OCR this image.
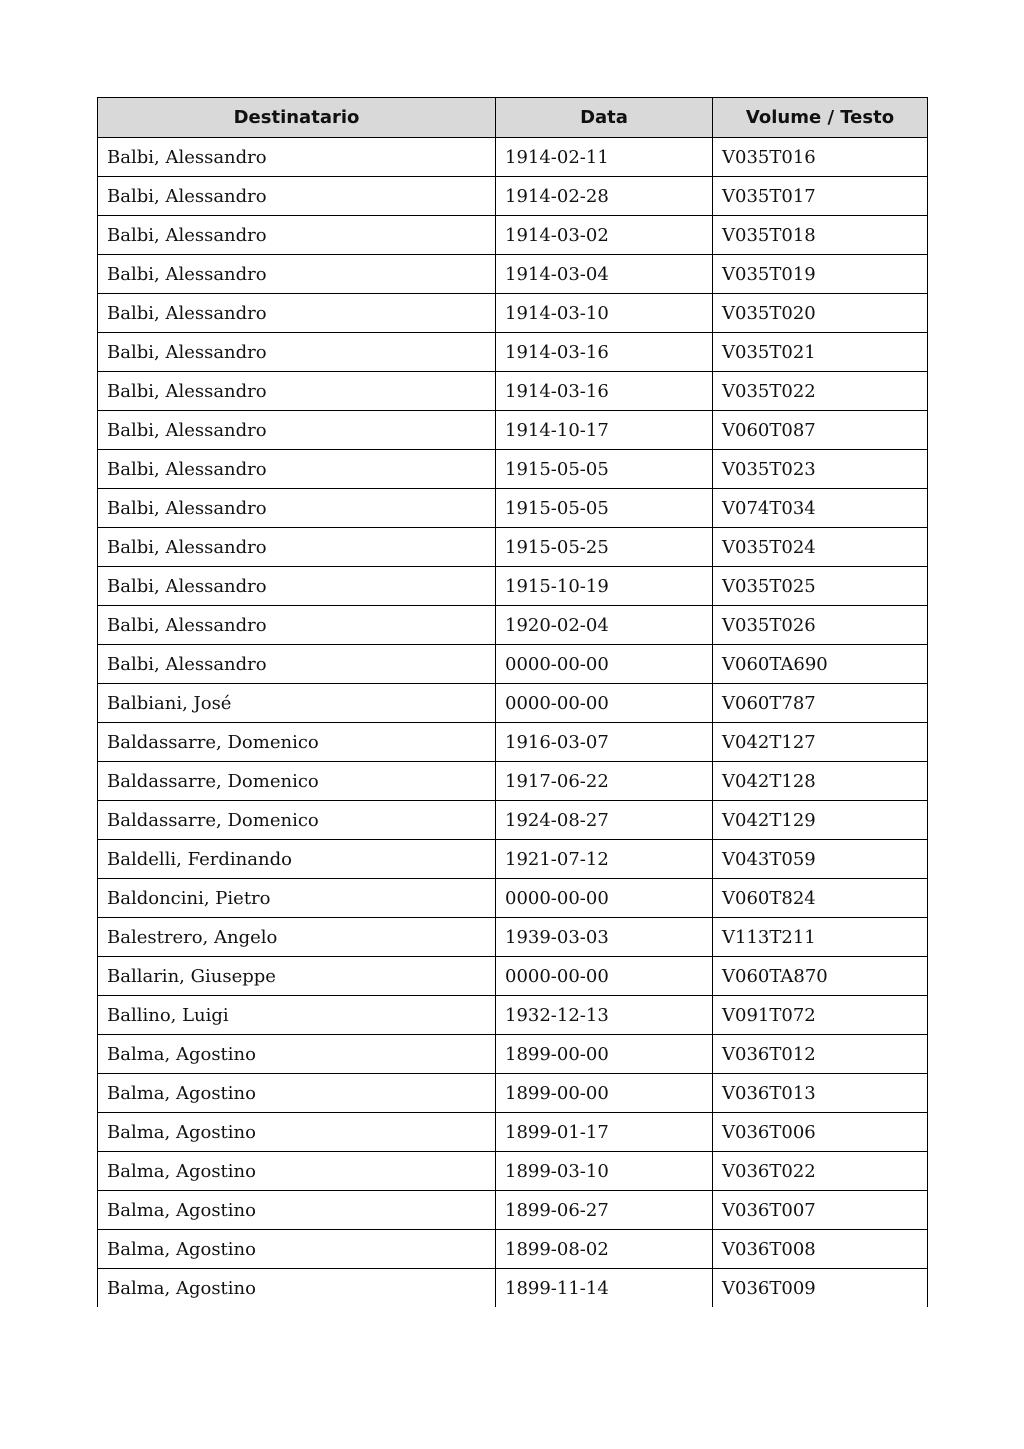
Destinatario	Data	Volume / Testo
Balbi, Alessandro	1914-02-11	V035T016
Balbi, Alessandro	1914-02-28	V035T017
Balbi, Alessandro	1914-03-02	V035T018
Balbi, Alessandro	1914-03-04	V035T019
Balbi, Alessandro	1914-03-10	V035T020
Balbi, Alessandro	1914-03-16	V035T021
Balbi, Alessandro	1914-03-16	V035T022
Balbi, Alessandro	1914-10-17	V060T087
Balbi, Alessandro	1915-05-05	V035T023
Balbi, Alessandro	1915-05-05	V074T034
Balbi, Alessandro	1915-05-25	V035T024
Balbi, Alessandro	1915-10-19	V035T025
Balbi, Alessandro	1920-02-04	V035T026
Balbi, Alessandro	0000-00-00	V060TA690
Balbiani, José	0000-00-00	V060T787
Baldassarre, Domenico	1916-03-07	V042T127
Baldassarre, Domenico	1917-06-22	V042T128
Baldassarre, Domenico	1924-08-27	V042T129
Baldelli, Ferdinando	1921-07-12	V043T059
Baldoncini, Pietro	0000-00-00	V060T824
Balestrero, Angelo	1939-03-03	V113T211
Ballarin, Giuseppe	0000-00-00	V060TA870
Ballino, Luigi	1932-12-13	V091T072
Balma, Agostino	1899-00-00	V036T012
Balma, Agostino	1899-00-00	V036T013
Balma, Agostino	1899-01-17	V036T006
Balma, Agostino	1899-03-10	V036T022
Balma, Agostino	1899-06-27	V036T007
Balma, Agostino	1899-08-02	V036T008
Balma, Agostino	1899-11-14	V036T009
